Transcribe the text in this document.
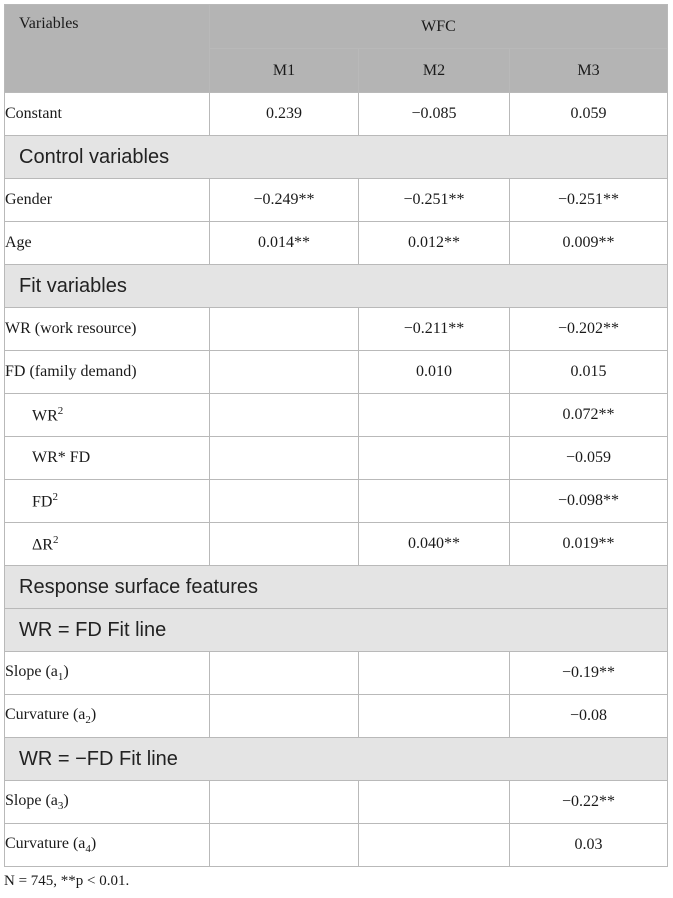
Variables	WFC		
	M1	M2	M3
Constant	0.239	−0.085	0.059
Control variables			
Gender	−0.249**	−0.251**	−0.251**
Age	0.014**	0.012**	0.009**
Fit variables			
WR (work resource)		−0.211**	−0.202**
FD (family demand)		0.010	0.015
$WR^2$			0.072**
WR* FD			−0.059
$FD^2$			−0.098**
$\Delta R^2$		0.040**	0.019**
Response surface features			
WR = FD Fit line			
Slope $(a_1)$			−0.19**
Curvature $(a_2)$			−0.08
WR = −FD Fit line			
Slope $(a_3)$			−0.22**
Curvature $(a_4)$			0.03
N = 745, **p < 0.01.
